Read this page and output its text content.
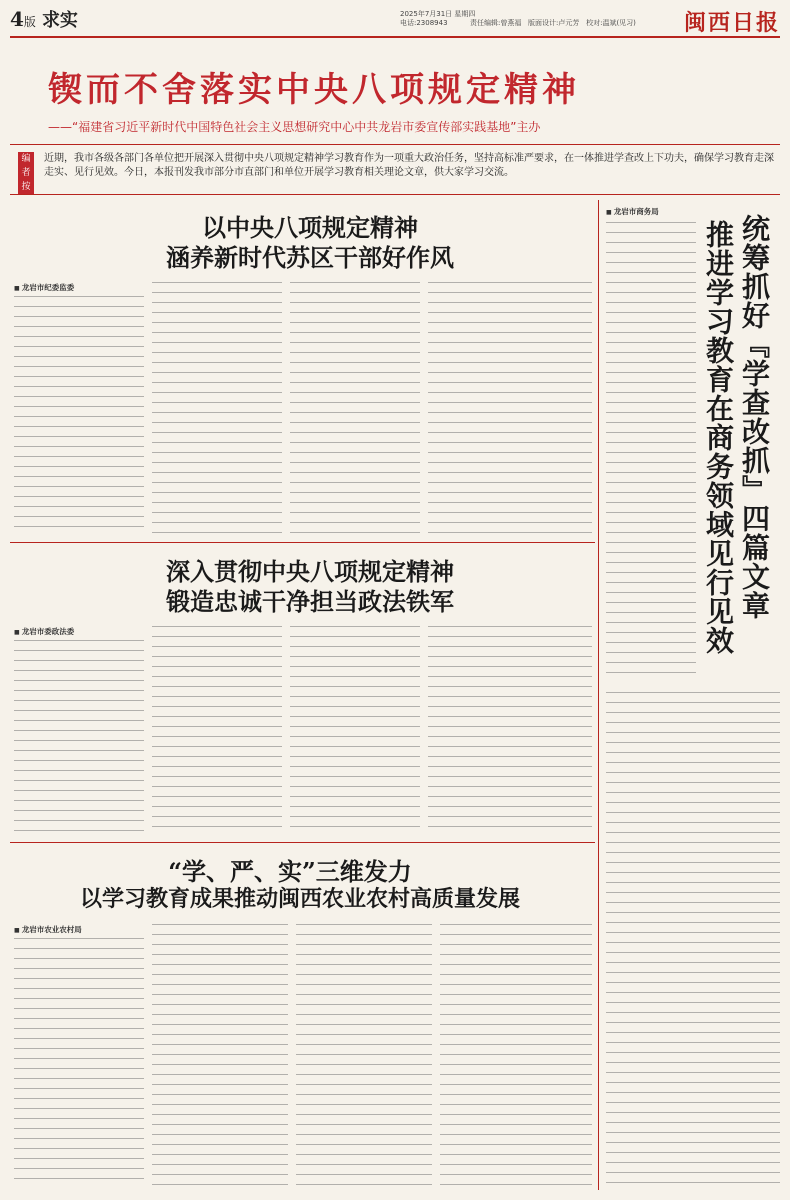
4版 求实	2025年7月31日 星期四
电话:2308943	责任编辑:曾燕福 版面设计:卢元芳 校对:温斌(见习) 闽西日报
锲而不舍落实中央八项规定精神
——“福建省习近平新时代中国特色社会主义思想研究中心中共龙岩市委宣传部实践基地”主办
编者按
近期，我市各级各部门各单位把开展深入贯彻中央八项规定精神学习教育作为一项重大政治任务，坚持高标准严要求，在一体推进学查改上下功夫，确保学习教育走深走实、见行见效。今日，本报刊发我市部分市直部门和单位开展学习教育相关理论文章，供大家学习交流。
以中央八项规定精神
涵养新时代苏区干部好作风
■ 龙岩市纪委监委
深入贯彻中央八项规定精神
锻造忠诚干净担当政法铁军
■ 龙岩市委政法委
“学、严、实”三维发力
以学习教育成果推动闽西农业农村高质量发展
■ 龙岩市农业农村局
■ 龙岩市商务局
统筹抓好『学查改抓』四篇文章
推进学习教育在商务领域见行见效
